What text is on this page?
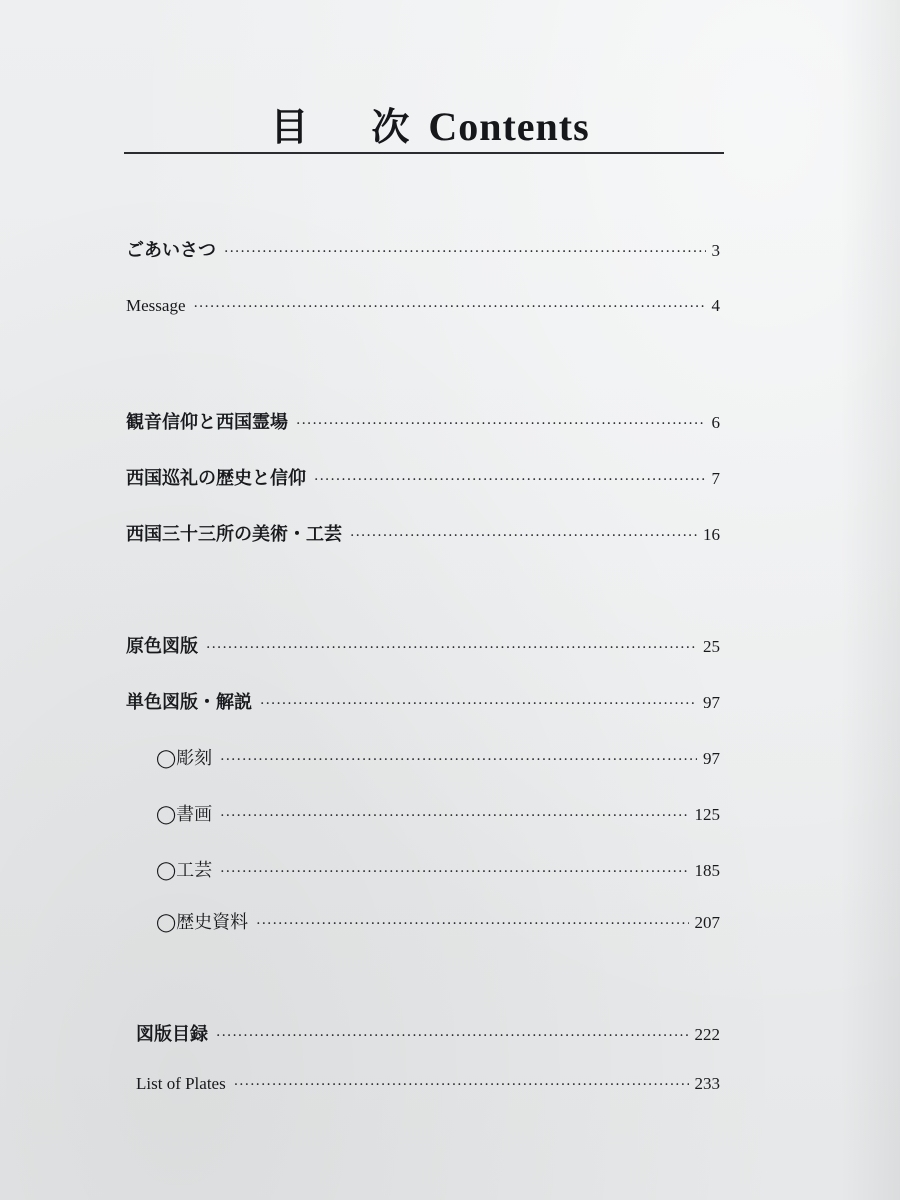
目 次 Contents
ごあいさつ ·····	3
Message ·····	4
観音信仰と西国霊場 ·····	6
西国巡礼の歴史と信仰 ·····	7
西国三十三所の美術・工芸 ·····	16
原色図版 ·····	25
単色図版・解説 ·····	97
◯彫刻 ·····	97
◯書画 ·····	125
◯工芸 ·····	185
◯歴史資料 ·····	207
図版目録 ·····	222
List of Plates ·····	233
